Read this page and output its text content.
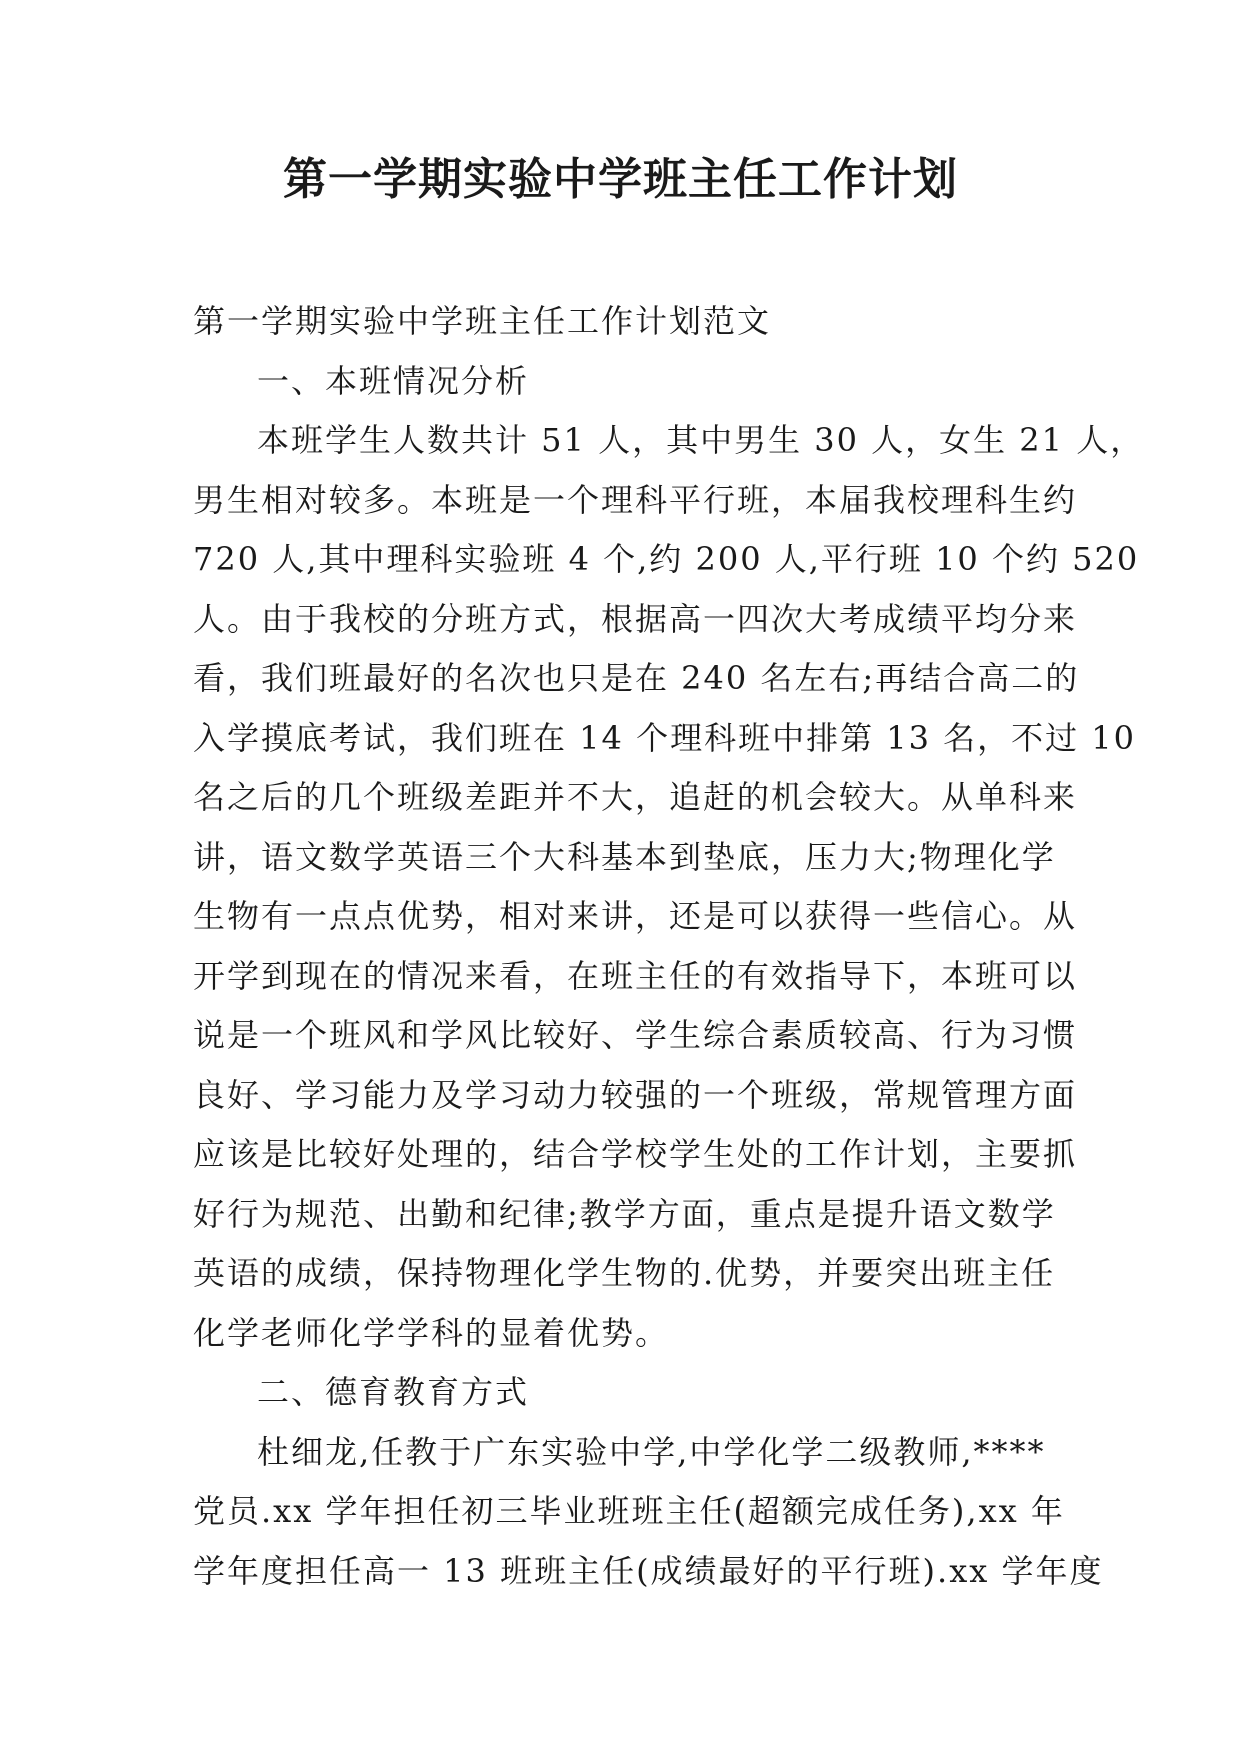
第一学期实验中学班主任工作计划
第一学期实验中学班主任工作计划范文
一、本班情况分析
本班学生人数共计 51 人，其中男生 30 人，女生 21 人，
男生相对较多。本班是一个理科平行班，本届我校理科生约
720 人,其中理科实验班 4 个,约 200 人,平行班 10 个约 520
人。由于我校的分班方式，根据高一四次大考成绩平均分来
看，我们班最好的名次也只是在 240 名左右;再结合高二的
入学摸底考试，我们班在 14 个理科班中排第 13 名，不过 10
名之后的几个班级差距并不大，追赶的机会较大。从单科来
讲，语文数学英语三个大科基本到垫底，压力大;物理化学
生物有一点点优势，相对来讲，还是可以获得一些信心。从
开学到现在的情况来看，在班主任的有效指导下，本班可以
说是一个班风和学风比较好、学生综合素质较高、行为习惯
良好、学习能力及学习动力较强的一个班级，常规管理方面
应该是比较好处理的，结合学校学生处的工作计划，主要抓
好行为规范、出勤和纪律;教学方面，重点是提升语文数学
英语的成绩，保持物理化学生物的.优势，并要突出班主任
化学老师化学学科的显着优势。
二、德育教育方式
杜细龙,任教于广东实验中学,中学化学二级教师,****
党员.xx 学年担任初三毕业班班主任(超额完成任务),xx 年
学年度担任高一 13 班班主任(成绩最好的平行班).xx 学年度
